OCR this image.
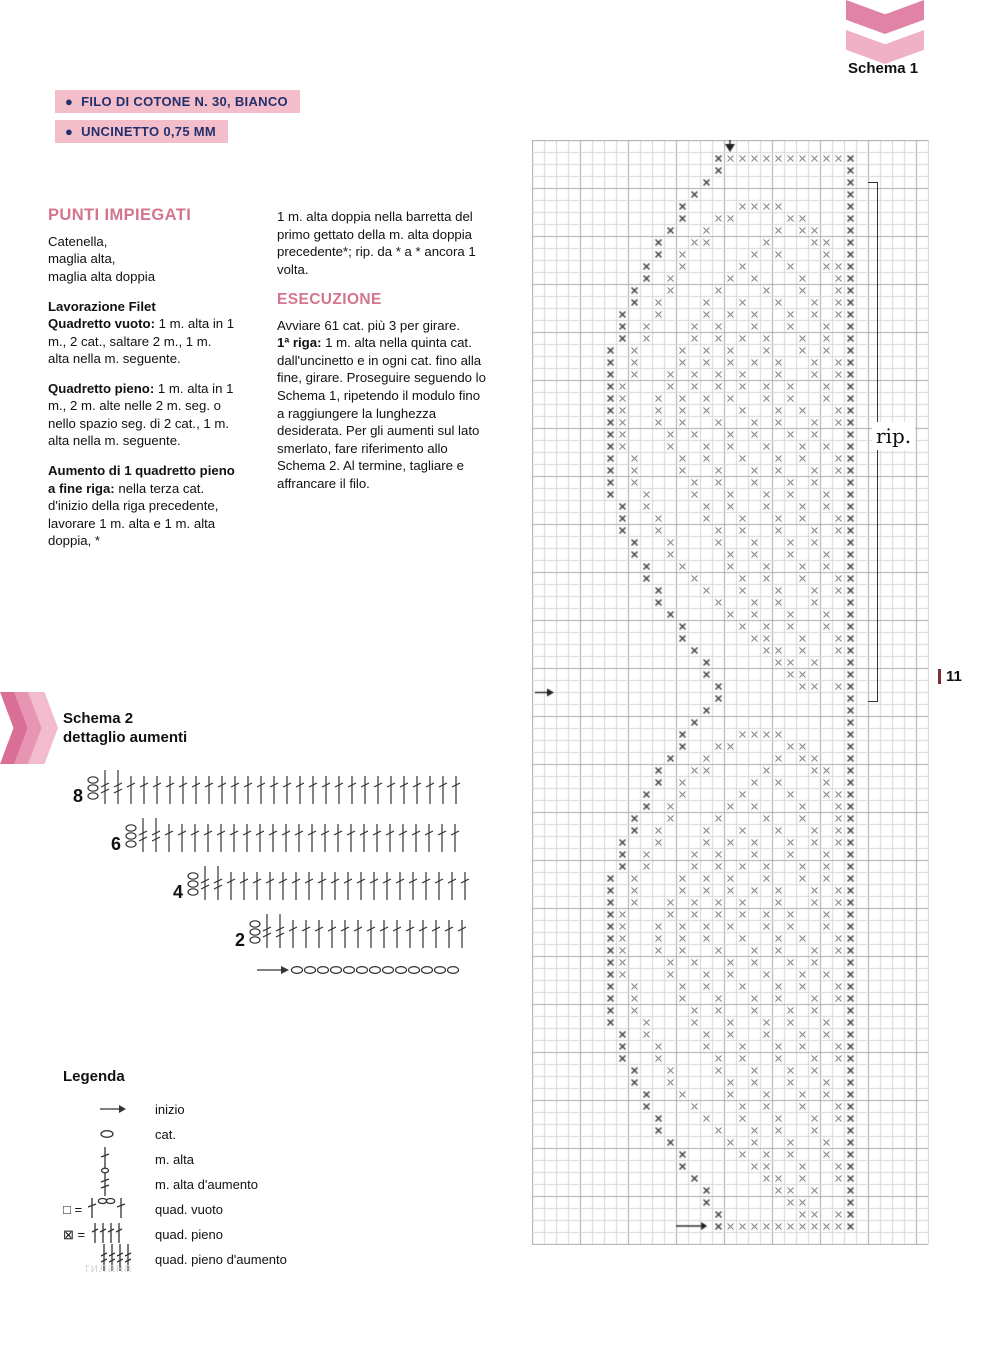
Schema 1
● FILO DI COTONE N. 30, BIANCO
● UNCINETTO 0,75 MM
PUNTI IMPIEGATI

Catenella,
maglia alta,
maglia alta doppia

Lavorazione Filet
Quadretto vuoto: 1 m. alta in 1 m., 2 cat., saltare 2 m., 1 m. alta nella m. seguente.

Quadretto pieno: 1 m. alta in 1 m., 2 m. alte nelle 2 m. seg. o nello spazio seg. di 2 cat., 1 m. alta nella m. seguente.

Aumento di 1 quadretto pieno a fine riga: nella terza cat. d'inizio della riga precedente, lavorare 1 m. alta e 1 m. alta doppia, *

1 m. alta doppia nella barretta del primo gettato della m. alta doppia precedente*; rip. da * a * ancora 1 volta.

ESECUZIONE

Avviare 61 cat. più 3 per girare.
1ª riga: 1 m. alta nella quinta cat. dall'uncinetto e in ogni cat. fino alla fine, girare. Proseguire seguendo lo Schema 1, ripetendo il modulo fino a raggiungere la lunghezza desiderata. Per gli aumenti sul lato smerlato, fare riferimento allo Schema 2. Al termine, tagliare e affrancare il filo.

Schema 2
dettaglio aumenti
8
6
4
2
Legenda
inizio
cat.
m. alta
m. alta d'aumento
□ =	quad. vuoto
⊠ =	quad. pieno
quad. pieno d'aumento
rip.
11
гилана
